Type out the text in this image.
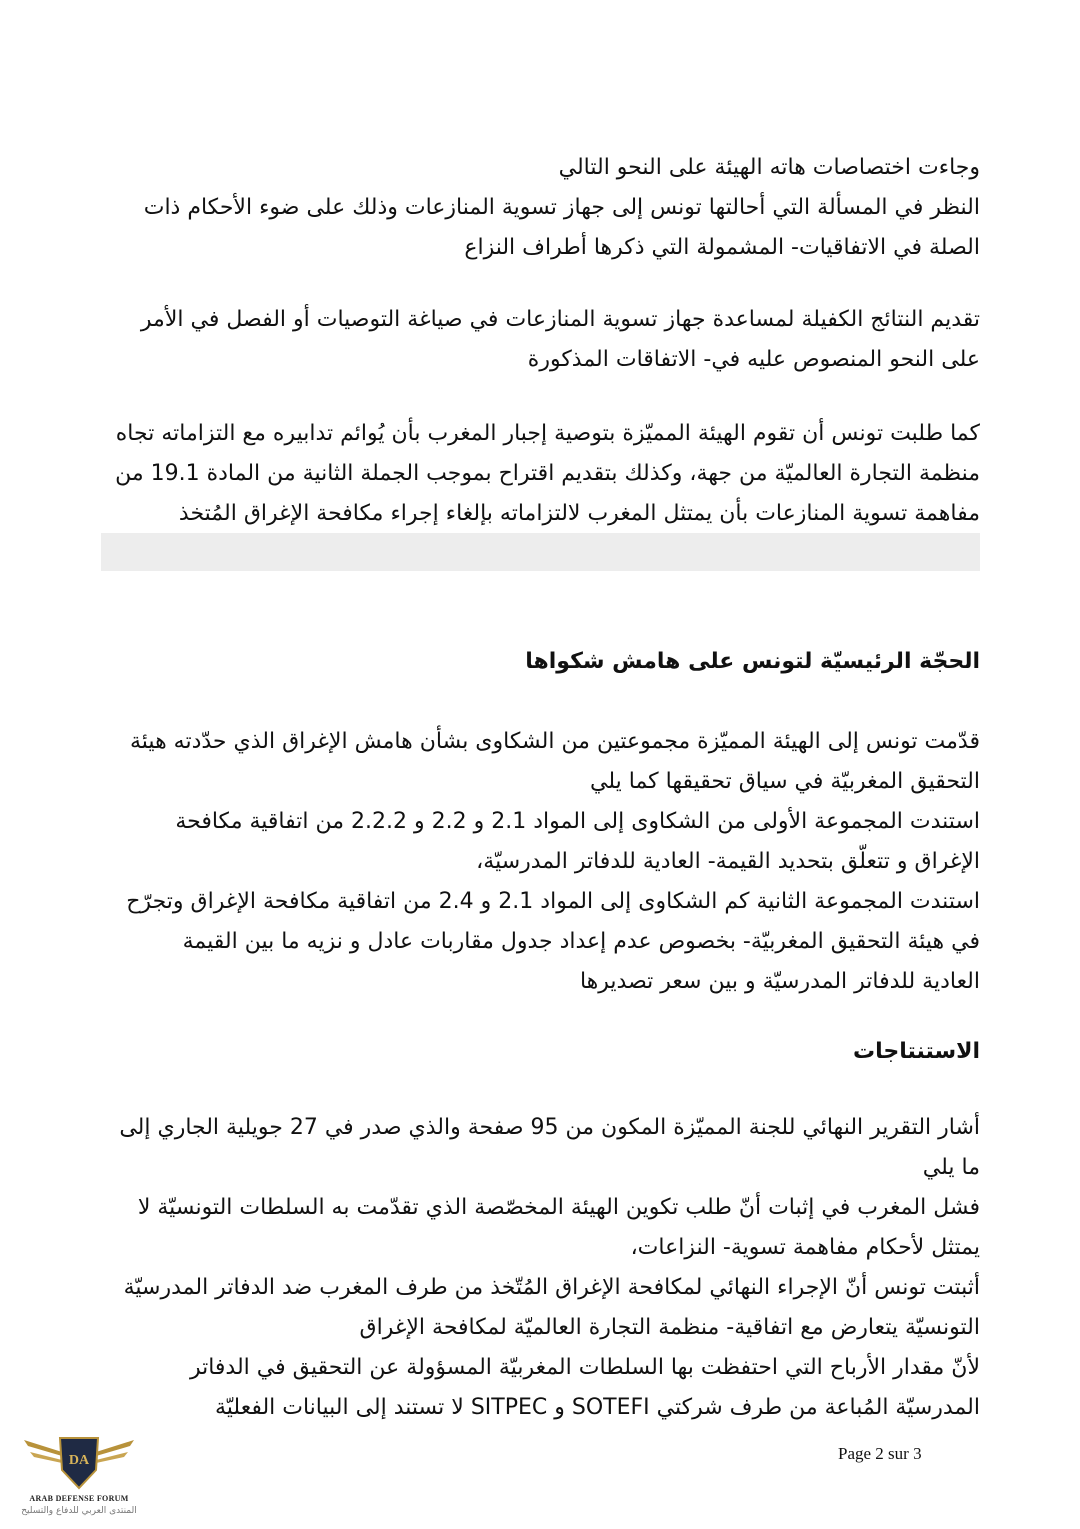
وجاءت اختصاصات هاته الهيئة على النحو التالي
النظر في المسألة التي أحالتها تونس إلى جهاز تسوية المنازعات وذلك على ضوء الأحكام ذات
الصلة في الاتفاقيات- المشمولة التي ذكرها أطراف النزاع
تقديم النتائج الكفيلة لمساعدة جهاز تسوية المنازعات في صياغة التوصيات أو الفصل في الأمر
على النحو المنصوص عليه في- الاتفاقات المذكورة
كما طلبت تونس أن تقوم الهيئة المميّزة بتوصية إجبار المغرب بأن يُوائم تدابيره مع التزاماته تجاه
منظمة التجارة العالميّة من جهة، وكذلك بتقديم اقتراح بموجب الجملة الثانية من المادة 19.1 من
مفاهمة تسوية المنازعات بأن يمتثل المغرب لالتزاماته بإلغاء إجراء مكافحة الإغراق المُتخذ
الحجّة الرئيسيّة لتونس على هامش شكواها
قدّمت تونس إلى الهيئة المميّزة مجموعتين من الشكاوى بشأن هامش الإغراق الذي حدّدته هيئة
التحقيق المغربيّة في سياق تحقيقها كما يلي
استندت المجموعة الأولى من الشكاوى إلى المواد 2.1 و 2.2 و 2.2.2 من اتفاقية مكافحة
الإغراق و تتعلّق بتحديد القيمة- العادية للدفاتر المدرسيّة،
استندت المجموعة الثانية كم الشكاوى إلى المواد 2.1 و 2.4 من اتفاقية مكافحة الإغراق وتجرّح
في هيئة التحقيق المغربيّة- بخصوص عدم إعداد جدول مقاربات عادل و نزيه ما بين القيمة
العادية للدفاتر المدرسيّة و بين سعر تصديرها
الاستنتاجات
أشار التقرير النهائي للجنة المميّزة المكون من 95 صفحة والذي صدر في 27 جويلية الجاري إلى
ما يلي
فشل المغرب في إثبات أنّ طلب تكوين الهيئة المخصّصة الذي تقدّمت به السلطات التونسيّة لا
يمتثل لأحكام مفاهمة تسوية- النزاعات،
أثبتت تونس أنّ الإجراء النهائي لمكافحة الإغراق المُتّخذ من طرف المغرب ضد الدفاتر المدرسيّة
التونسيّة يتعارض مع اتفاقية- منظمة التجارة العالميّة لمكافحة الإغراق
لأنّ مقدار الأرباح التي احتفظت بها السلطات المغربيّة المسؤولة عن التحقيق في الدفاتر
المدرسيّة المُباعة من طرف شركتي SOTEFI و SITPEC لا تستند إلى البيانات الفعليّة
Page 2 sur 3
DA
ARAB DEFENSE FORUM
المنتدى العربي للدفاع والتسليح
